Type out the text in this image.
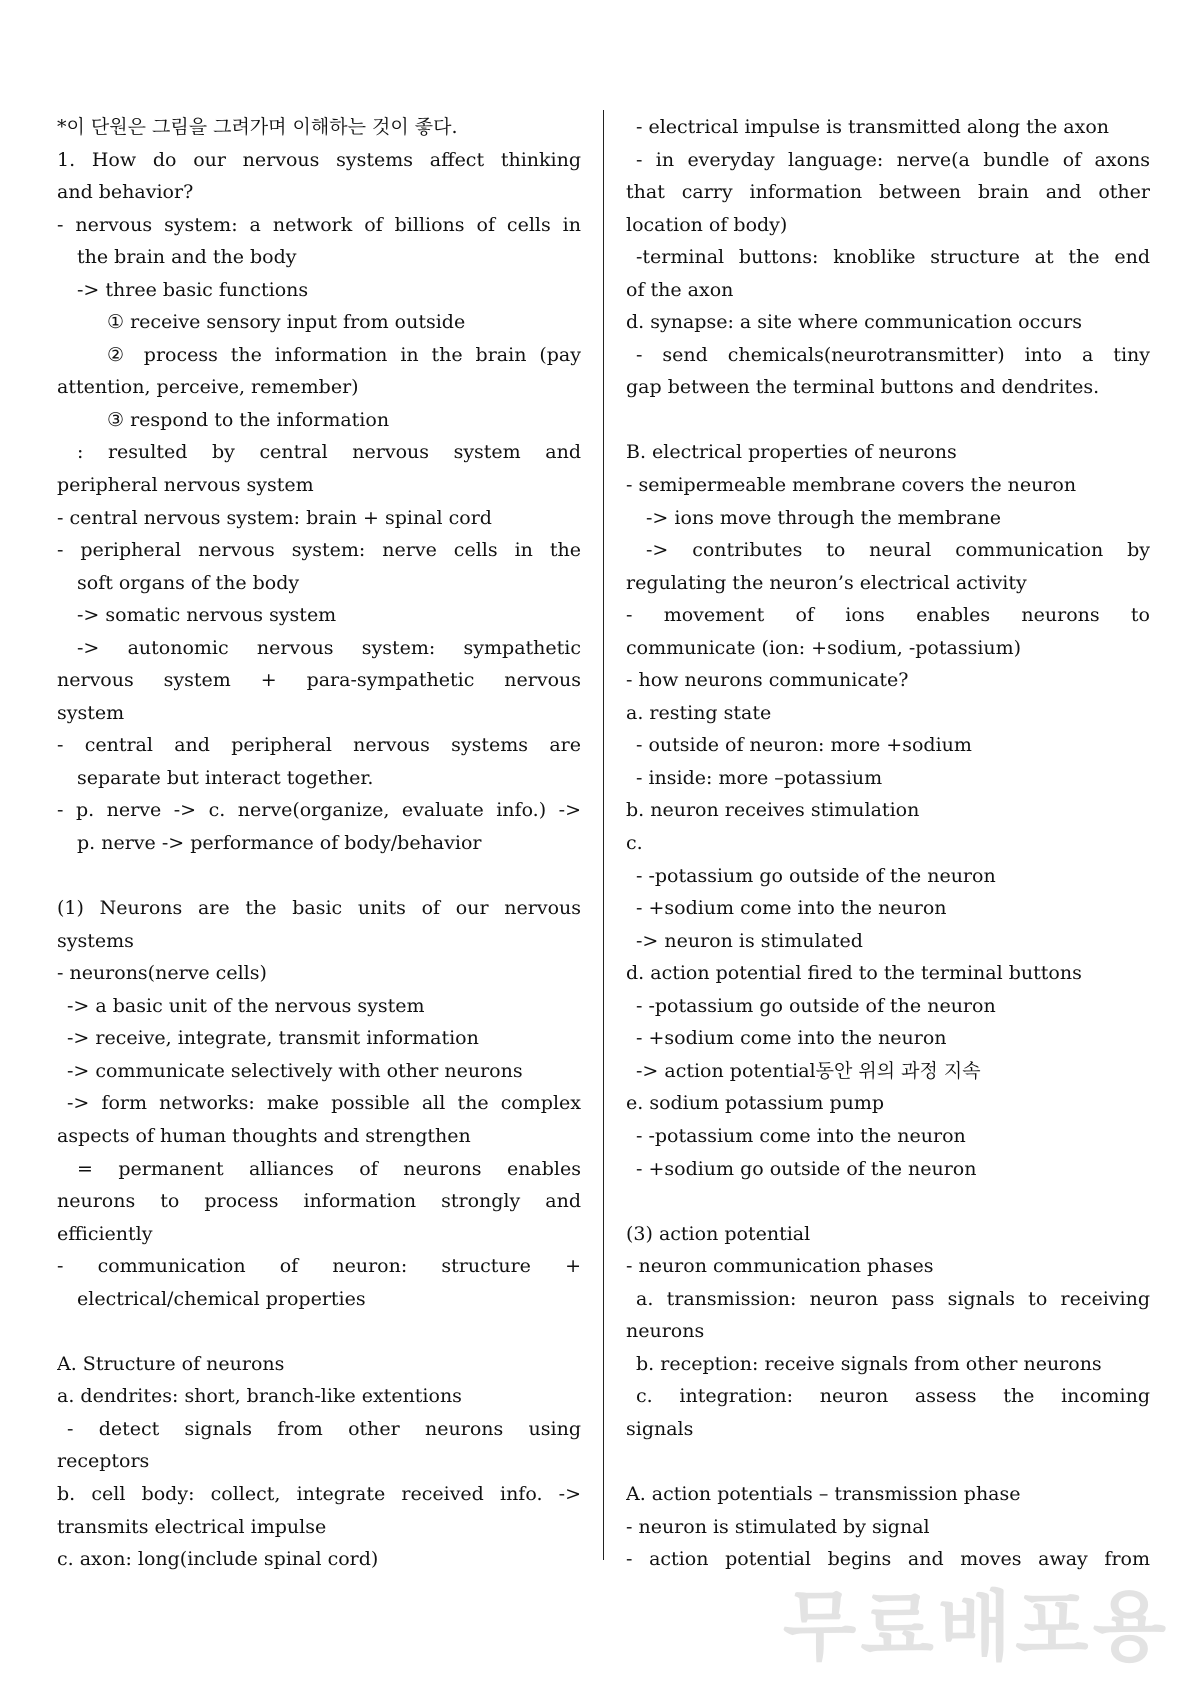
*이 단원은 그림을 그려가며 이해하는 것이 좋다.
1. How do our nervous systems affect thinking
and behavior?
- nervous system: a network of billions of cells in
the brain and the body
-> three basic functions
① receive sensory input from outside
② process the information in the brain (pay
attention, perceive, remember)
③ respond to the information
: resulted by central nervous system and
peripheral nervous system
- central nervous system: brain + spinal cord
- peripheral nervous system: nerve cells in the
soft organs of the body
-> somatic nervous system
-> autonomic nervous system: sympathetic
nervous system + para-sympathetic nervous
system
- central and peripheral nervous systems are
separate but interact together.
- p. nerve -> c. nerve(organize, evaluate info.) ->
p. nerve -> performance of body/behavior
(1) Neurons are the basic units of our nervous
systems
- neurons(nerve cells)
-> a basic unit of the nervous system
-> receive, integrate, transmit information
-> communicate selectively with other neurons
-> form networks: make possible all the complex
aspects of human thoughts and strengthen
= permanent alliances of neurons enables
neurons to process information strongly and
efficiently
- communication of neuron: structure +
electrical/chemical properties
A. Structure of neurons
a. dendrites: short, branch-like extentions
- detect signals from other neurons using
receptors
b. cell body: collect, integrate received info. ->
transmits electrical impulse
c. axon: long(include spinal cord)
- electrical impulse is transmitted along the axon
- in everyday language: nerve(a bundle of axons
that carry information between brain and other
location of body)
-terminal buttons: knoblike structure at the end
of the axon
d. synapse: a site where communication occurs
- send chemicals(neurotransmitter) into a tiny
gap between the terminal buttons and dendrites.
B. electrical properties of neurons
- semipermeable membrane covers the neuron
-> ions move through the membrane
-> contributes to neural communication by
regulating the neuron’s electrical activity
- movement of ions enables neurons to
communicate (ion: +sodium, -potassium)
- how neurons communicate?
a. resting state
- outside of neuron: more +sodium
- inside: more –potassium
b. neuron receives stimulation
c.
- -potassium go outside of the neuron
- +sodium come into the neuron
-> neuron is stimulated
d. action potential fired to the terminal buttons
- -potassium go outside of the neuron
- +sodium come into the neuron
-> action potential동안 위의 과정 지속
e. sodium potassium pump
- -potassium come into the neuron
- +sodium go outside of the neuron
(3) action potential
- neuron communication phases
a. transmission: neuron pass signals to receiving
neurons
b. reception: receive signals from other neurons
c. integration: neuron assess the incoming
signals
A. action potentials – transmission phase
- neuron is stimulated by signal
- action potential begins and moves away from
무료배포용
